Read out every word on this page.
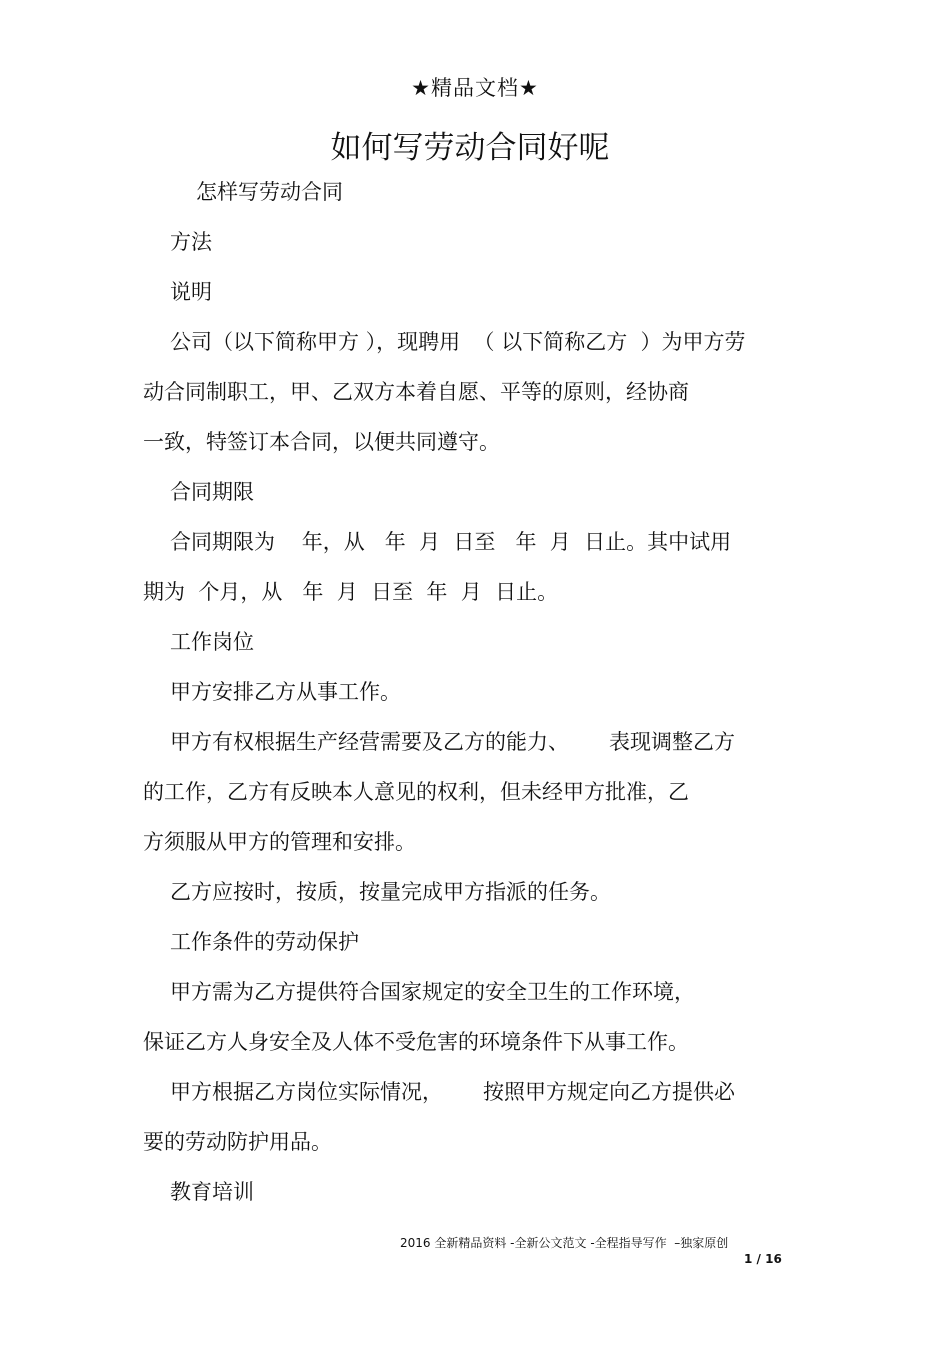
★精品文档★
如何写劳动合同好呢
怎样写劳动合同
方法
说明
公司（以下简称甲方 ），现聘用  （ 以下简称乙方  ）为甲方劳
动合同制职工，甲、乙双方本着自愿、平等的原则，经协商
一致，特签订本合同，以便共同遵守。
合同期限
合同期限为    年，从   年  月  日至   年  月  日止。其中试用
期为  个月，从   年  月  日至  年  月  日止。
工作岗位
甲方安排乙方从事工作。
甲方有权根据生产经营需要及乙方的能力、      表现调整乙方
的工作，乙方有反映本人意见的权利，但未经甲方批准，乙
方须服从甲方的管理和安排。
乙方应按时，按质，按量完成甲方指派的任务。
工作条件的劳动保护
甲方需为乙方提供符合国家规定的安全卫生的工作环境，
保证乙方人身安全及人体不受危害的环境条件下从事工作。
甲方根据乙方岗位实际情况，      按照甲方规定向乙方提供必
要的劳动防护用品。
教育培训
2016 全新精品资料 -全新公文范文 -全程指导写作  –独家原创
1 / 16
